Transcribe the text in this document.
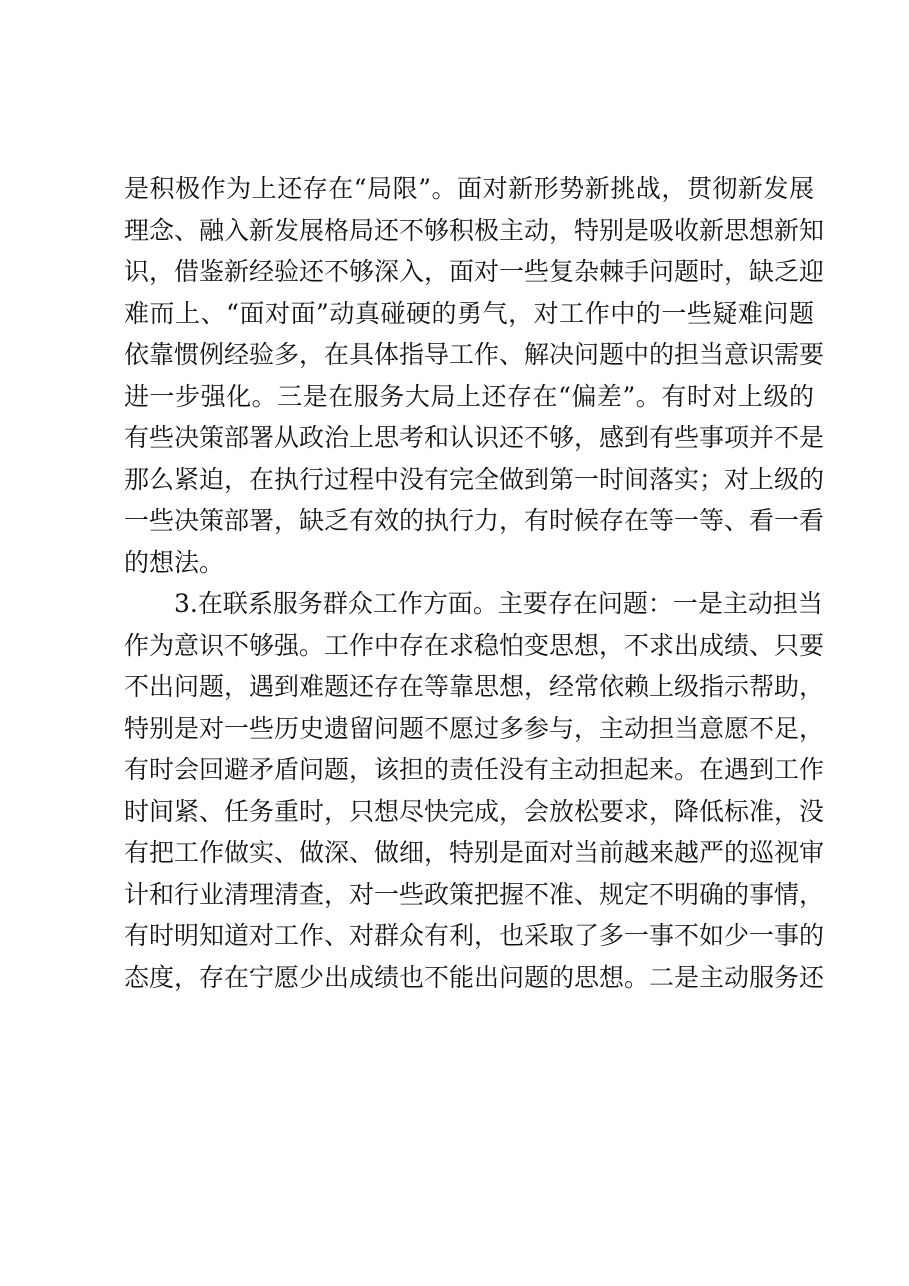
是积极作为上还存在“局限”。面对新形势新挑战，贯彻新发展
理念、融入新发展格局还不够积极主动，特别是吸收新思想新知
识，借鉴新经验还不够深入，面对一些复杂棘手问题时，缺乏迎
难而上、“面对面”动真碰硬的勇气，对工作中的一些疑难问题
依靠惯例经验多，在具体指导工作、解决问题中的担当意识需要
进一步强化。三是在服务大局上还存在“偏差”。有时对上级的
有些决策部署从政治上思考和认识还不够，感到有些事项并不是
那么紧迫，在执行过程中没有完全做到第一时间落实；对上级的
一些决策部署，缺乏有效的执行力，有时候存在等一等、看一看
的想法。
　　3.在联系服务群众工作方面。主要存在问题：一是主动担当
作为意识不够强。工作中存在求稳怕变思想，不求出成绩、只要
不出问题，遇到难题还存在等靠思想，经常依赖上级指示帮助，
特别是对一些历史遗留问题不愿过多参与，主动担当意愿不足，
有时会回避矛盾问题，该担的责任没有主动担起来。在遇到工作
时间紧、任务重时，只想尽快完成，会放松要求，降低标准，没
有把工作做实、做深、做细，特别是面对当前越来越严的巡视审
计和行业清理清查，对一些政策把握不准、规定不明确的事情，
有时明知道对工作、对群众有利，也采取了多一事不如少一事的
态度，存在宁愿少出成绩也不能出问题的思想。二是主动服务还
